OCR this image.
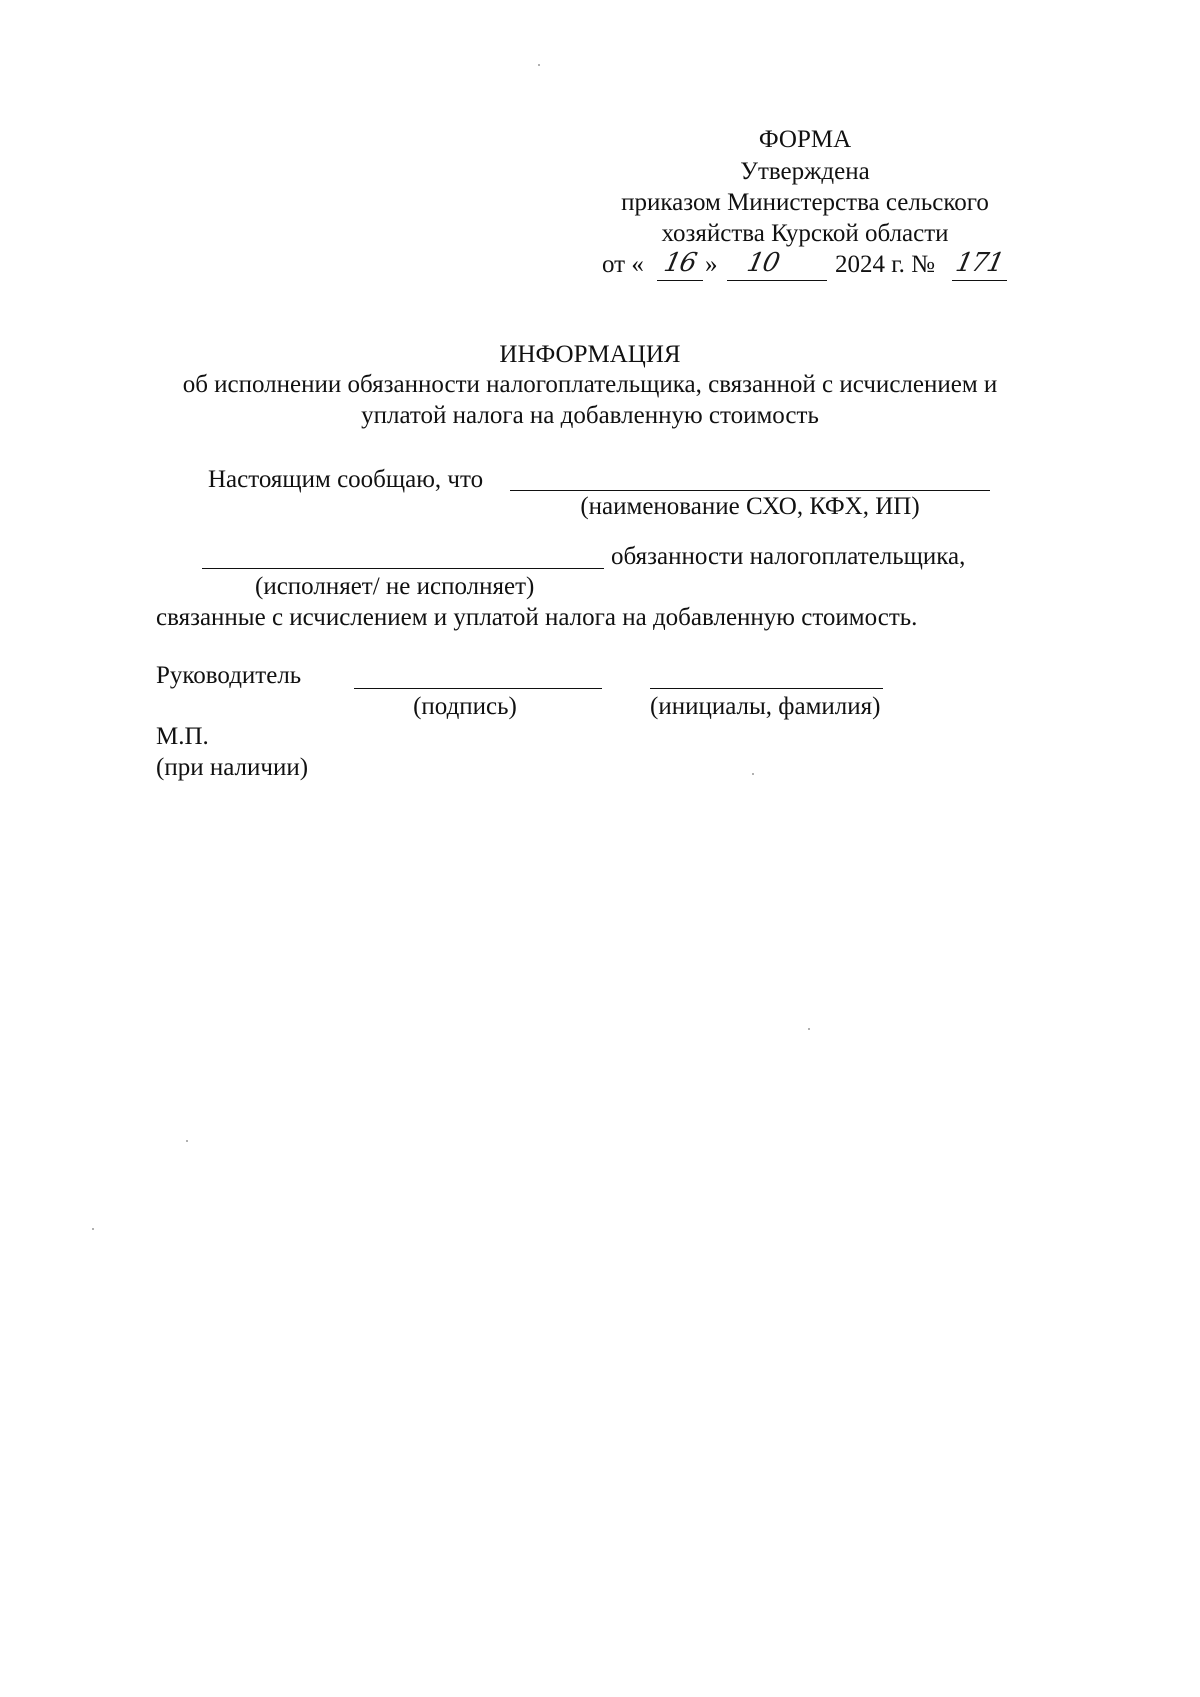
ФОРМА
Утверждена
приказом Министерства сельского
хозяйства Курской области
от « 16 »	10	2024 г. № 171
ИНФОРМАЦИЯ
об исполнении обязанности налогоплательщика, связанной с исчислением и
уплатой налога на добавленную стоимость
Настоящим сообщаю, что
(наименование СХО, КФХ, ИП)
обязанности налогоплательщика,
(исполняет/ не исполняет)
связанные с исчислением и уплатой налога на добавленную стоимость.
Руководитель
(подпись)	(инициалы, фамилия)
М.П.
(при наличии)
